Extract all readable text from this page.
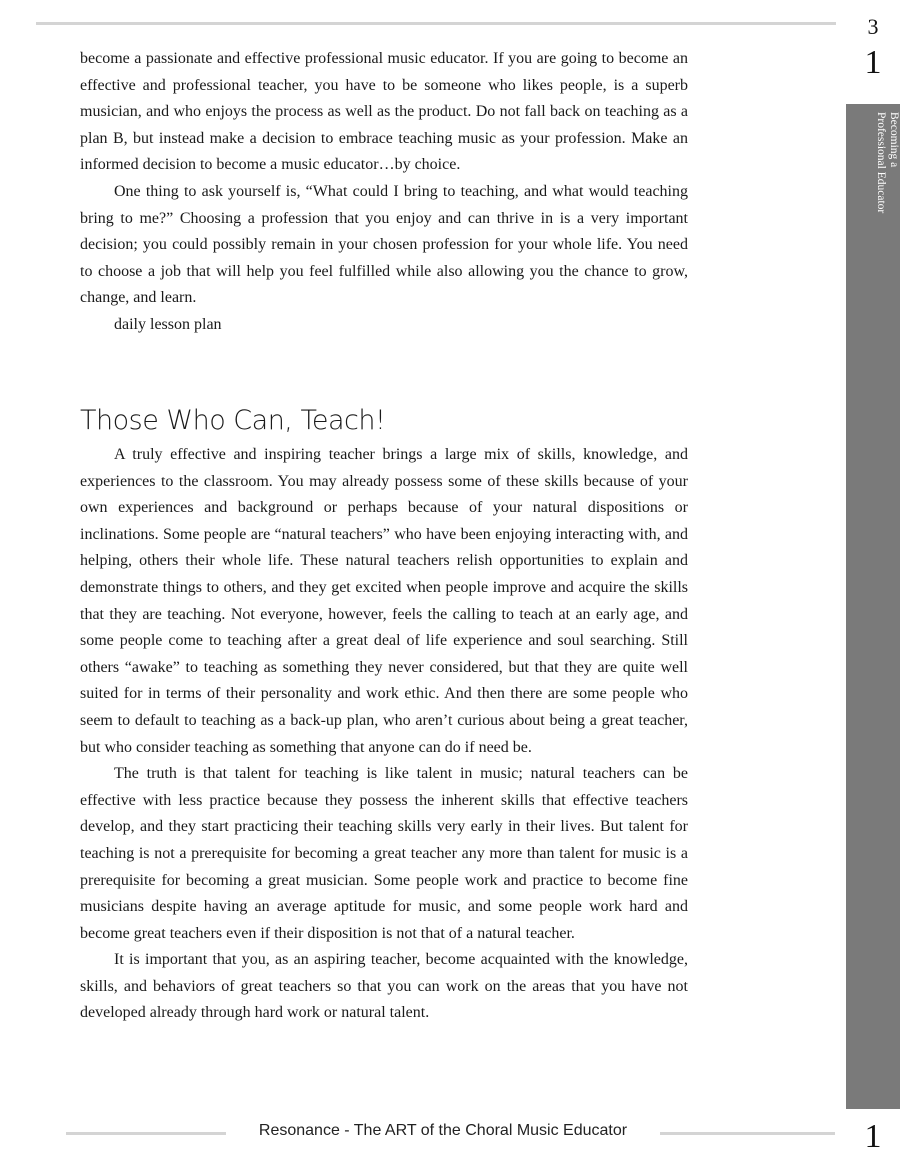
3
1
Becoming a
Professional Educator

become a passionate and effective professional music educator. If you are going to become an effective and professional teacher, you have to be someone who likes people, is a superb musician, and who enjoys the process as well as the product. Do not fall back on teaching as a plan B, but instead make a decision to embrace teaching music as your profession. Make an informed decision to become a music educator…by choice.

One thing to ask yourself is, “What could I bring to teaching, and what would teaching bring to me?” Choosing a profession that you enjoy and can thrive in is a very important decision; you could possibly remain in your chosen profession for your whole life. You need to choose a job that will help you feel fulfilled while also allowing you the chance to grow, change, and learn.

daily lesson plan

Those Who Can, Teach!

A truly effective and inspiring teacher brings a large mix of skills, knowledge, and experiences to the classroom. You may already possess some of these skills because of your own experiences and background or perhaps because of your natural dispositions or inclinations. Some people are “natural teachers” who have been enjoying interacting with, and helping, others their whole life. These natural teachers relish opportunities to explain and demonstrate things to others, and they get excited when people improve and acquire the skills that they are teaching. Not everyone, however, feels the calling to teach at an early age, and some people come to teaching after a great deal of life experience and soul searching. Still others “awake” to teaching as something they never considered, but that they are quite well suited for in terms of their personality and work ethic. And then there are some people who seem to default to teaching as a back-up plan, who aren’t curious about being a great teacher, but who consider teaching as something that anyone can do if need be.

The truth is that talent for teaching is like talent in music; natural teachers can be effective with less practice because they possess the inherent skills that effective teachers develop, and they start practicing their teaching skills very early in their lives. But talent for teaching is not a prerequisite for becoming a great teacher any more than talent for music is a prerequisite for becoming a great musician. Some people work and practice to become fine musicians despite having an average aptitude for music, and some people work hard and become great teachers even if their disposition is not that of a natural teacher.

It is important that you, as an aspiring teacher, become acquainted with the knowledge, skills, and behaviors of great teachers so that you can work on the areas that you have not developed already through hard work or natural talent.

Resonance - The ART of the Choral Music Educator	1
